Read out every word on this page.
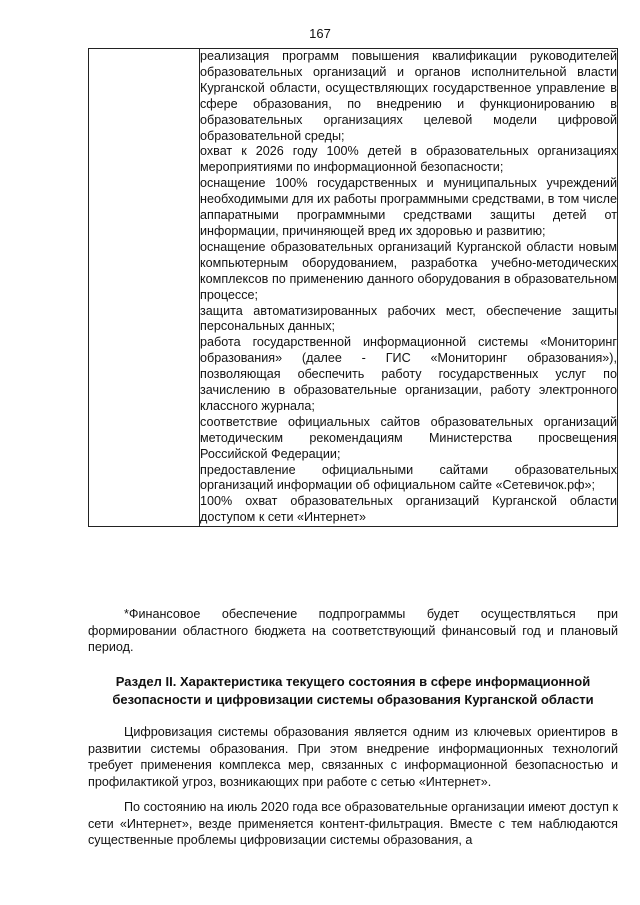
167

реализация программ повышения квалификации руководителей образовательных организаций и органов исполнительной власти Курганской области, осуществляющих государственное управление в сфере образования, по внедрению и функционированию в образовательных организациях целевой модели цифровой образовательной среды;
охват к 2026 году 100% детей в образовательных организациях мероприятиями по информационной безопасности;
оснащение 100% государственных и муниципальных учреждений необходимыми для их работы программными средствами, в том числе аппаратными программными средствами защиты детей от информации, причиняющей вред их здоровью и развитию;
оснащение образовательных организаций Курганской области новым компьютерным оборудованием, разработка учебно-методических комплексов по применению данного оборудования в образовательном процессе;
защита автоматизированных рабочих мест, обеспечение защиты персональных данных;
работа государственной информационной системы «Мониторинг образования» (далее - ГИС «Мониторинг образования»), позволяющая обеспечить работу государственных услуг по зачислению в образовательные организации, работу электронного классного журнала;
соответствие официальных сайтов образовательных организаций методическим рекомендациям Министерства просвещения Российской Федерации;
предоставление официальными сайтами образовательных организаций информации об официальном сайте «Сетевичок.рф»;
100% охват образовательных организаций Курганской области доступом к сети «Интернет»
*Финансовое обеспечение подпрограммы будет осуществляться при формировании областного бюджета на соответствующий финансовый год и плановый период.
Раздел II. Характеристика текущего состояния в сфере информационной безопасности и цифровизации системы образования Курганской области
Цифровизация системы образования является одним из ключевых ориентиров в развитии системы образования. При этом внедрение информационных технологий требует применения комплекса мер, связанных с информационной безопасностью и профилактикой угроз, возникающих при работе с сетью «Интернет».
По состоянию на июль 2020 года все образовательные организации имеют доступ к сети «Интернет», везде применяется контент-фильтрация. Вместе с тем наблюдаются существенные проблемы цифровизации системы образования, а
